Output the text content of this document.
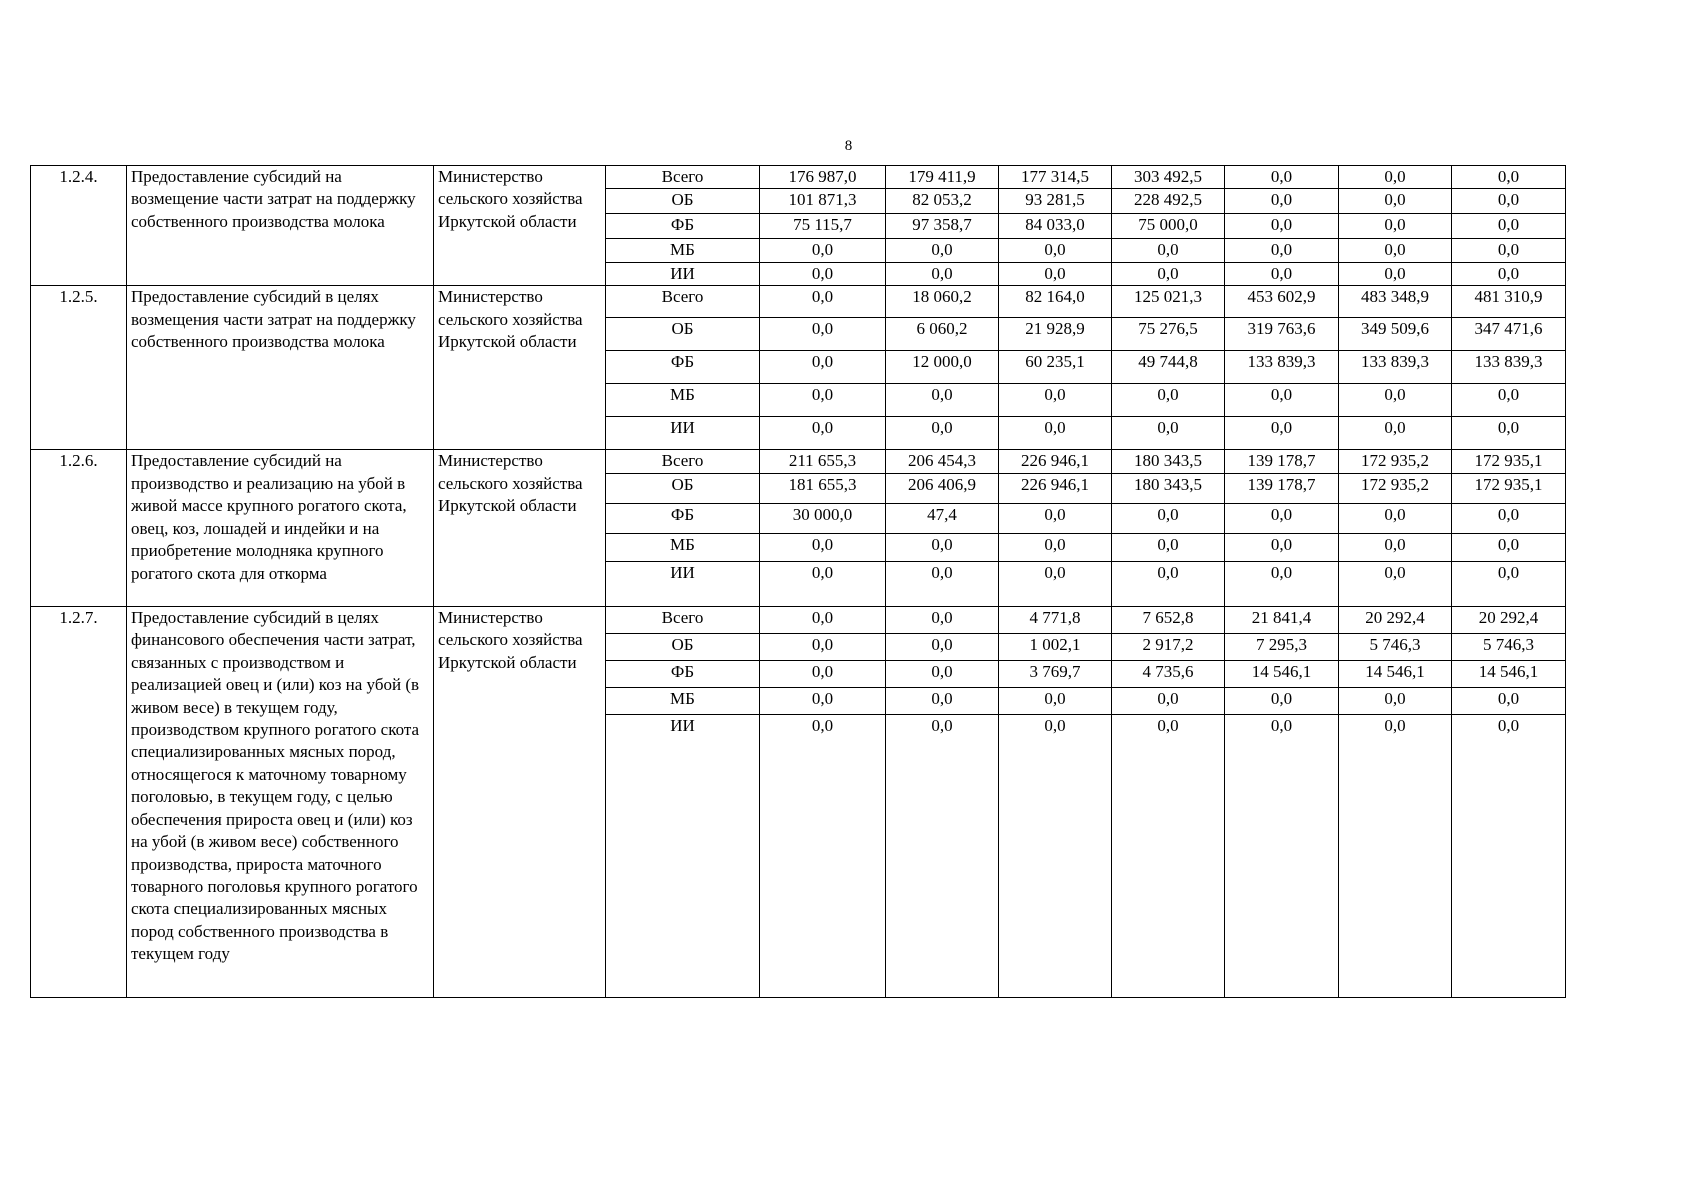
8
1.2.4.	Предоставление субсидий на возмещение части затрат на поддержку собственного производства молока	Министерство сельского хозяйства Иркутской области	Всего	176 987,0	179 411,9	177 314,5	303 492,5	0,0	0,0	0,0
			ОБ	101 871,3	82 053,2	93 281,5	228 492,5	0,0	0,0	0,0
			ФБ	75 115,7	97 358,7	84 033,0	75 000,0	0,0	0,0	0,0
			МБ	0,0	0,0	0,0	0,0	0,0	0,0	0,0
			ИИ	0,0	0,0	0,0	0,0	0,0	0,0	0,0
1.2.5.	Предоставление субсидий в целях возмещения части затрат на поддержку собственного производства молока	Министерство сельского хозяйства Иркутской области	Всего	0,0	18 060,2	82 164,0	125 021,3	453 602,9	483 348,9	481 310,9
			ОБ	0,0	6 060,2	21 928,9	75 276,5	319 763,6	349 509,6	347 471,6
			ФБ	0,0	12 000,0	60 235,1	49 744,8	133 839,3	133 839,3	133 839,3
			МБ	0,0	0,0	0,0	0,0	0,0	0,0	0,0
			ИИ	0,0	0,0	0,0	0,0	0,0	0,0	0,0
1.2.6.	Предоставление субсидий на производство и реализацию на убой в живой массе крупного рогатого скота, овец, коз, лошадей и индейки и на приобретение молодняка крупного рогатого скота для откорма	Министерство сельского хозяйства Иркутской области	Всего	211 655,3	206 454,3	226 946,1	180 343,5	139 178,7	172 935,2	172 935,1
			ОБ	181 655,3	206 406,9	226 946,1	180 343,5	139 178,7	172 935,2	172 935,1
			ФБ	30 000,0	47,4	0,0	0,0	0,0	0,0	0,0
			МБ	0,0	0,0	0,0	0,0	0,0	0,0	0,0
			ИИ	0,0	0,0	0,0	0,0	0,0	0,0	0,0
1.2.7.	Предоставление субсидий в целях финансового обеспечения части затрат, связанных с производством и реализацией овец и (или) коз на убой (в живом весе) в текущем году, производством крупного рогатого скота специализированных мясных пород, относящегося к маточному товарному поголовью, в текущем году, с целью обеспечения прироста овец и (или) коз на убой (в живом весе) собственного производства, прироста маточного товарного поголовья крупного рогатого скота специализированных мясных пород собственного производства в текущем году	Министерство сельского хозяйства Иркутской области	Всего	0,0	0,0	4 771,8	7 652,8	21 841,4	20 292,4	20 292,4
			ОБ	0,0	0,0	1 002,1	2 917,2	7 295,3	5 746,3	5 746,3
			ФБ	0,0	0,0	3 769,7	4 735,6	14 546,1	14 546,1	14 546,1
			МБ	0,0	0,0	0,0	0,0	0,0	0,0	0,0
			ИИ	0,0	0,0	0,0	0,0	0,0	0,0	0,0
